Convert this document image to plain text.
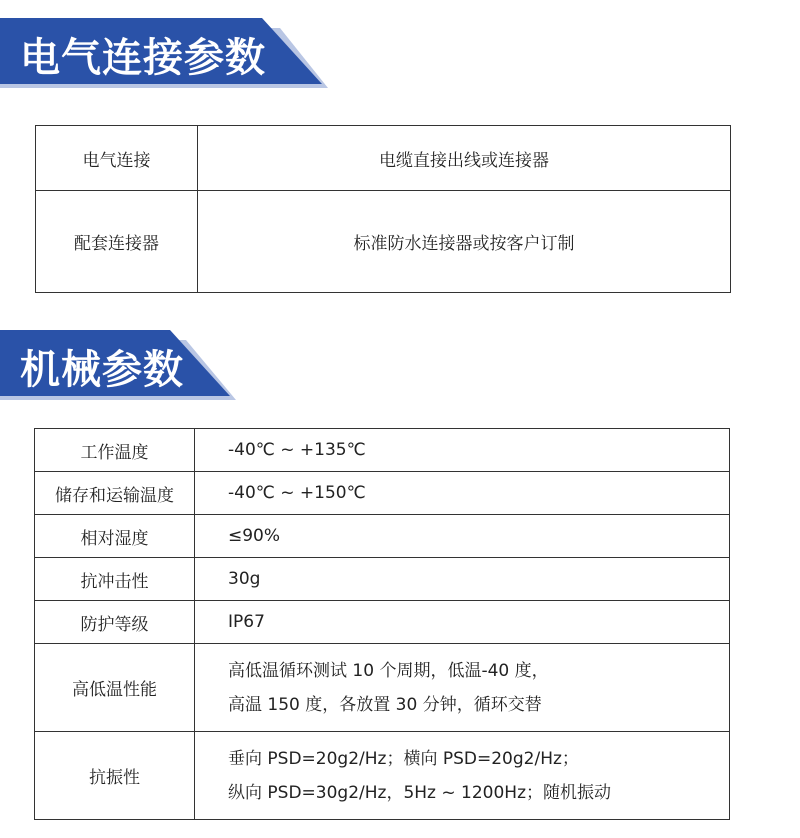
电气连接参数
电气连接	电缆直接出线或连接器
配套连接器	标准防水连接器或按客户订制
机械参数
工作温度	-40℃ ~ +135℃
储存和运输温度	-40℃ ~ +150℃
相对湿度	≤90%
抗冲击性	30g
防护等级	IP67
高低温性能	高低温循环测试 10 个周期，低温-40 度，
高温 150 度，各放置 30 分钟，循环交替

抗振性	垂向 PSD=20g2/Hz；横向 PSD=20g2/Hz；
纵向 PSD=30g2/Hz，5Hz ~ 1200Hz；随机振动
